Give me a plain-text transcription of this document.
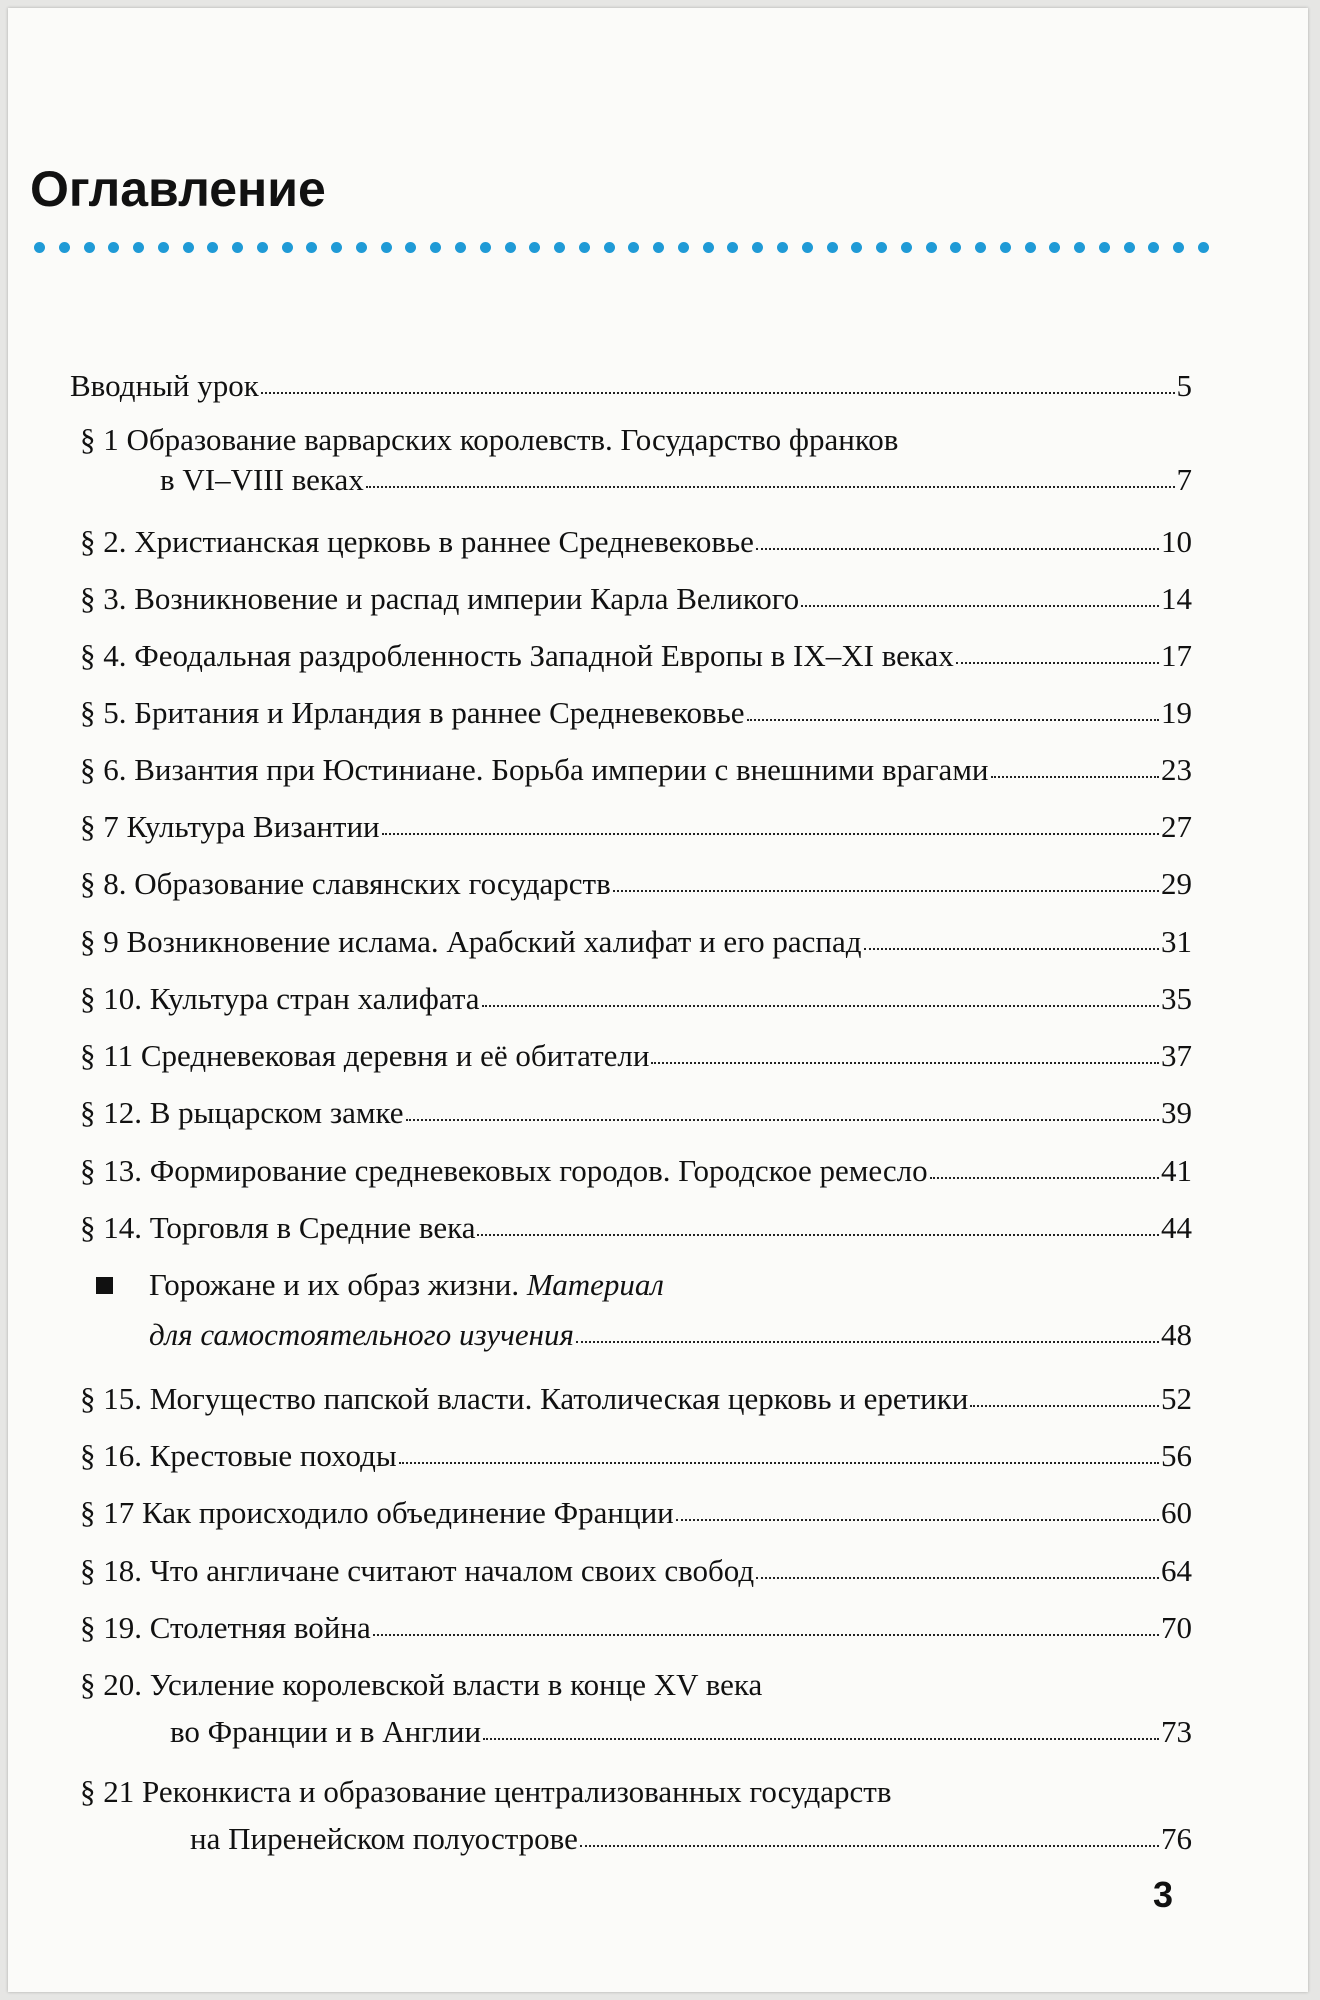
Оглавление
Вводный урок	5
§ 1 Образование варварских королевств. Государство франков
в VI–VIII веках	7
§ 2. Христианская церковь в раннее Средневековье	10
§ 3. Возникновение и распад империи Карла Великого	14
§ 4. Феодальная раздробленность Западной Европы в IX–XI веках	17
§ 5. Британия и Ирландия в раннее Средневековье	19
§ 6. Византия при Юстиниане. Борьба империи с внешними врагами	23
§ 7 Культура Византии	27
§ 8. Образование славянских государств	29
§ 9 Возникновение ислама. Арабский халифат и его распад	31
§ 10. Культура стран халифата	35
§ 11 Средневековая деревня и её обитатели	37
§ 12. В рыцарском замке	39
§ 13. Формирование средневековых городов. Городское ремесло	41
§ 14. Торговля в Средние века	44
Горожане и их образ жизни. Материал
для самостоятельного изучения	48
§ 15. Могущество папской власти. Католическая церковь и еретики	52
§ 16. Крестовые походы	56
§ 17 Как происходило объединение Франции	60
§ 18. Что англичане считают началом своих свобод	64
§ 19. Столетняя война	70
§ 20. Усиление королевской власти в конце XV века
во Франции и в Англии	73
§ 21 Реконкиста и образование централизованных государств
на Пиренейском полуострове	76
3
